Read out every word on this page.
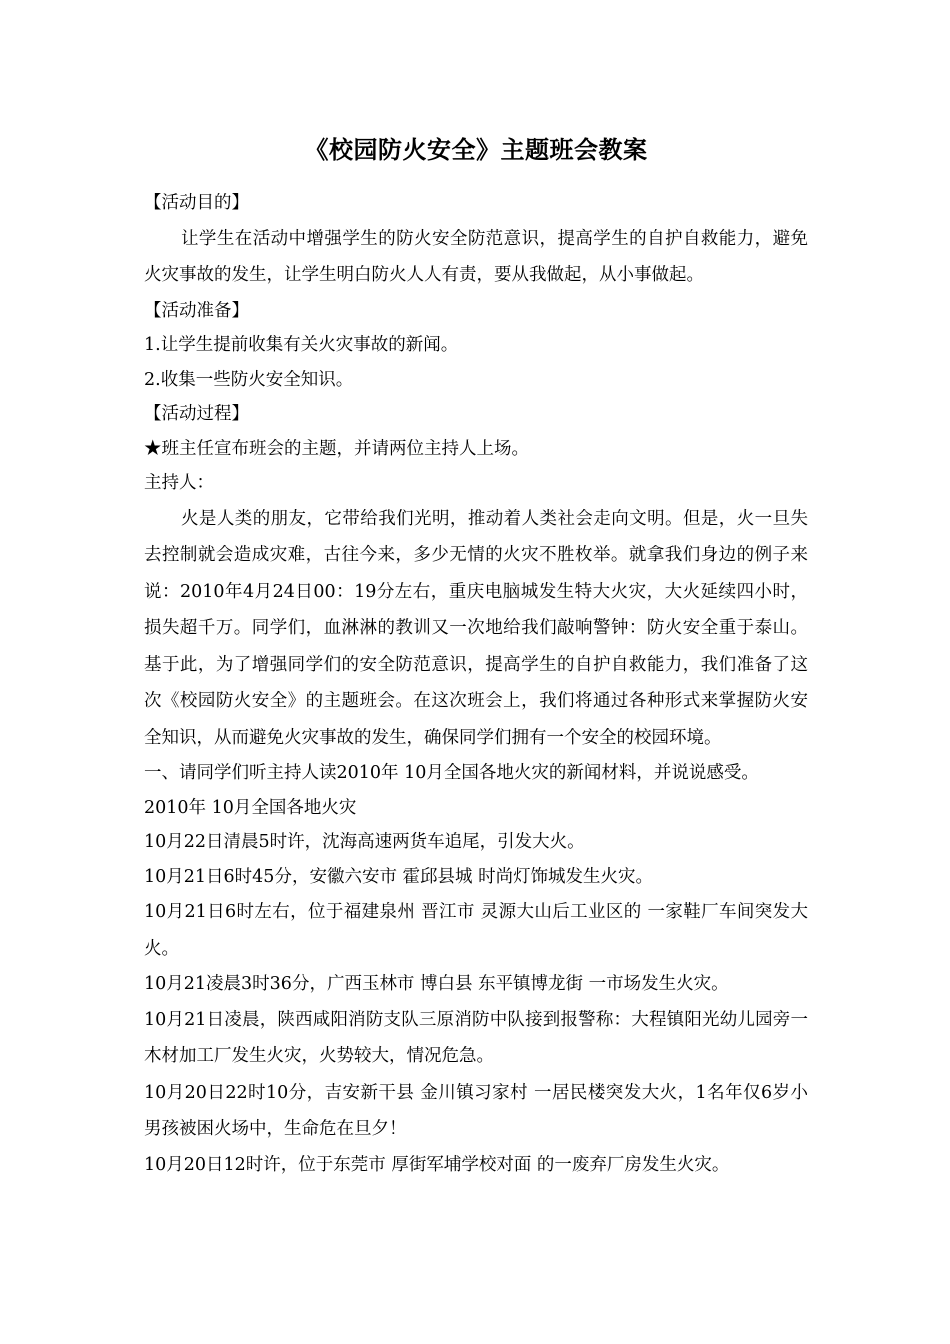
《校园防火安全》主题班会教案

【活动目的】

让学生在活动中增强学生的防火安全防范意识，提高学生的自护自救能力，避免火灾事故的发生，让学生明白防火人人有责，要从我做起，从小事做起。

【活动准备】

1.让学生提前收集有关火灾事故的新闻。

2.收集一些防火安全知识。

【活动过程】

★班主任宣布班会的主题，并请两位主持人上场。

主持人：

火是人类的朋友，它带给我们光明，推动着人类社会走向文明。但是，火一旦失去控制就会造成灾难，古往今来，多少无情的火灾不胜枚举。就拿我们身边的例子来说：2010年4月24日00：19分左右，重庆电脑城发生特大火灾，大火延续四小时，损失超千万。同学们，血淋淋的教训又一次地给我们敲响警钟：防火安全重于泰山。基于此，为了增强同学们的安全防范意识，提高学生的自护自救能力，我们准备了这次《校园防火安全》的主题班会。在这次班会上，我们将通过各种形式来掌握防火安全知识，从而避免火灾事故的发生，确保同学们拥有一个安全的校园环境。

一、请同学们听主持人读2010年 10月全国各地火灾的新闻材料，并说说感受。

2010年 10月全国各地火灾

10月22日清晨5时许，沈海高速两货车追尾，引发大火。

10月21日6时45分，安徽六安市 霍邱县城 时尚灯饰城发生火灾。

10月21日6时左右，位于福建泉州 晋江市 灵源大山后工业区的 一家鞋厂车间突发大火。

10月21凌晨3时36分，广西玉林市 博白县 东平镇博龙街 一市场发生火灾。

10月21日凌晨，陕西咸阳消防支队三原消防中队接到报警称：大程镇阳光幼儿园旁一木材加工厂发生火灾，火势较大，情况危急。

10月20日22时10分，吉安新干县 金川镇习家村 一居民楼突发大火，1名年仅6岁小男孩被困火场中，生命危在旦夕！

10月20日12时许，位于东莞市 厚街军埔学校对面 的一废弃厂房发生火灾。
